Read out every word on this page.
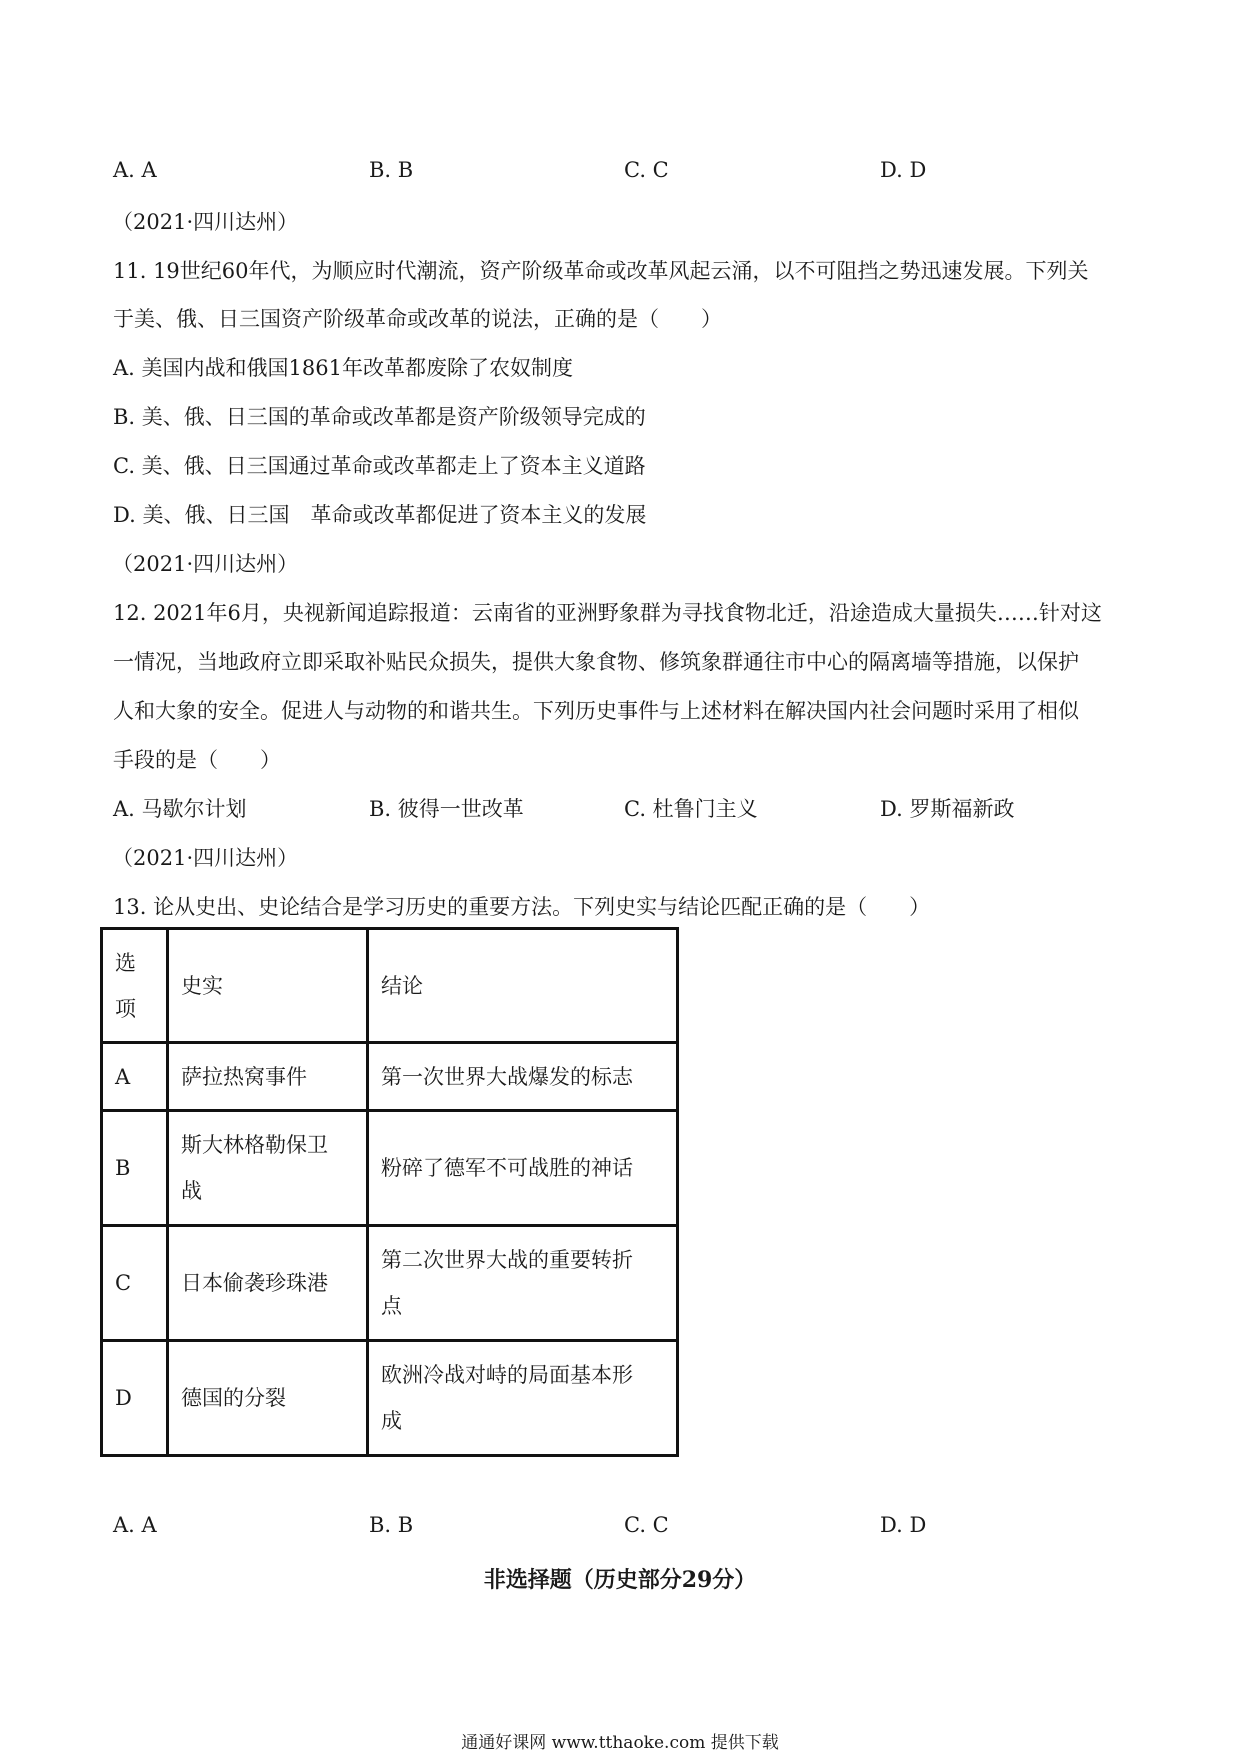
A. A	B. B	C. C	D. D
（2021·四川达州）
11. 19世纪60年代，为顺应时代潮流，资产阶级革命或改革风起云涌，以不可阻挡之势迅速发展。下列关
于美、俄、日三国资产阶级革命或改革的说法，正确的是（　　）
A. 美国内战和俄国1861年改革都废除了农奴制度
B. 美、俄、日三国的革命或改革都是资产阶级领导完成的
C. 美、俄、日三国通过革命或改革都走上了资本主义道路
D. 美、俄、日三国　革命或改革都促进了资本主义的发展
（2021·四川达州）
12. 2021年6月，央视新闻追踪报道：云南省的亚洲野象群为寻找食物北迁，沿途造成大量损失……针对这
一情况，当地政府立即采取补贴民众损失，提供大象食物、修筑象群通往市中心的隔离墙等措施，以保护
人和大象的安全。促进人与动物的和谐共生。下列历史事件与上述材料在解决国内社会问题时采用了相似
手段的是（　　）
A. 马歇尔计划	B. 彼得一世改革	C. 杜鲁门主义	D. 罗斯福新政
（2021·四川达州）
13. 论从史出、史论结合是学习历史的重要方法。下列史实与结论匹配正确的是（　　）
选项	史实	结论
A	萨拉热窝事件	第一次世界大战爆发的标志
B	斯大林格勒保卫战	粉碎了德军不可战胜的神话
C	日本偷袭珍珠港	第二次世界大战的重要转折点

D	德国的分裂	欧洲冷战对峙的局面基本形成
A. A	B. B	C. C	D. D
非选择题（历史部分29分）
通通好课网 www.tthaoke.com 提供下载
